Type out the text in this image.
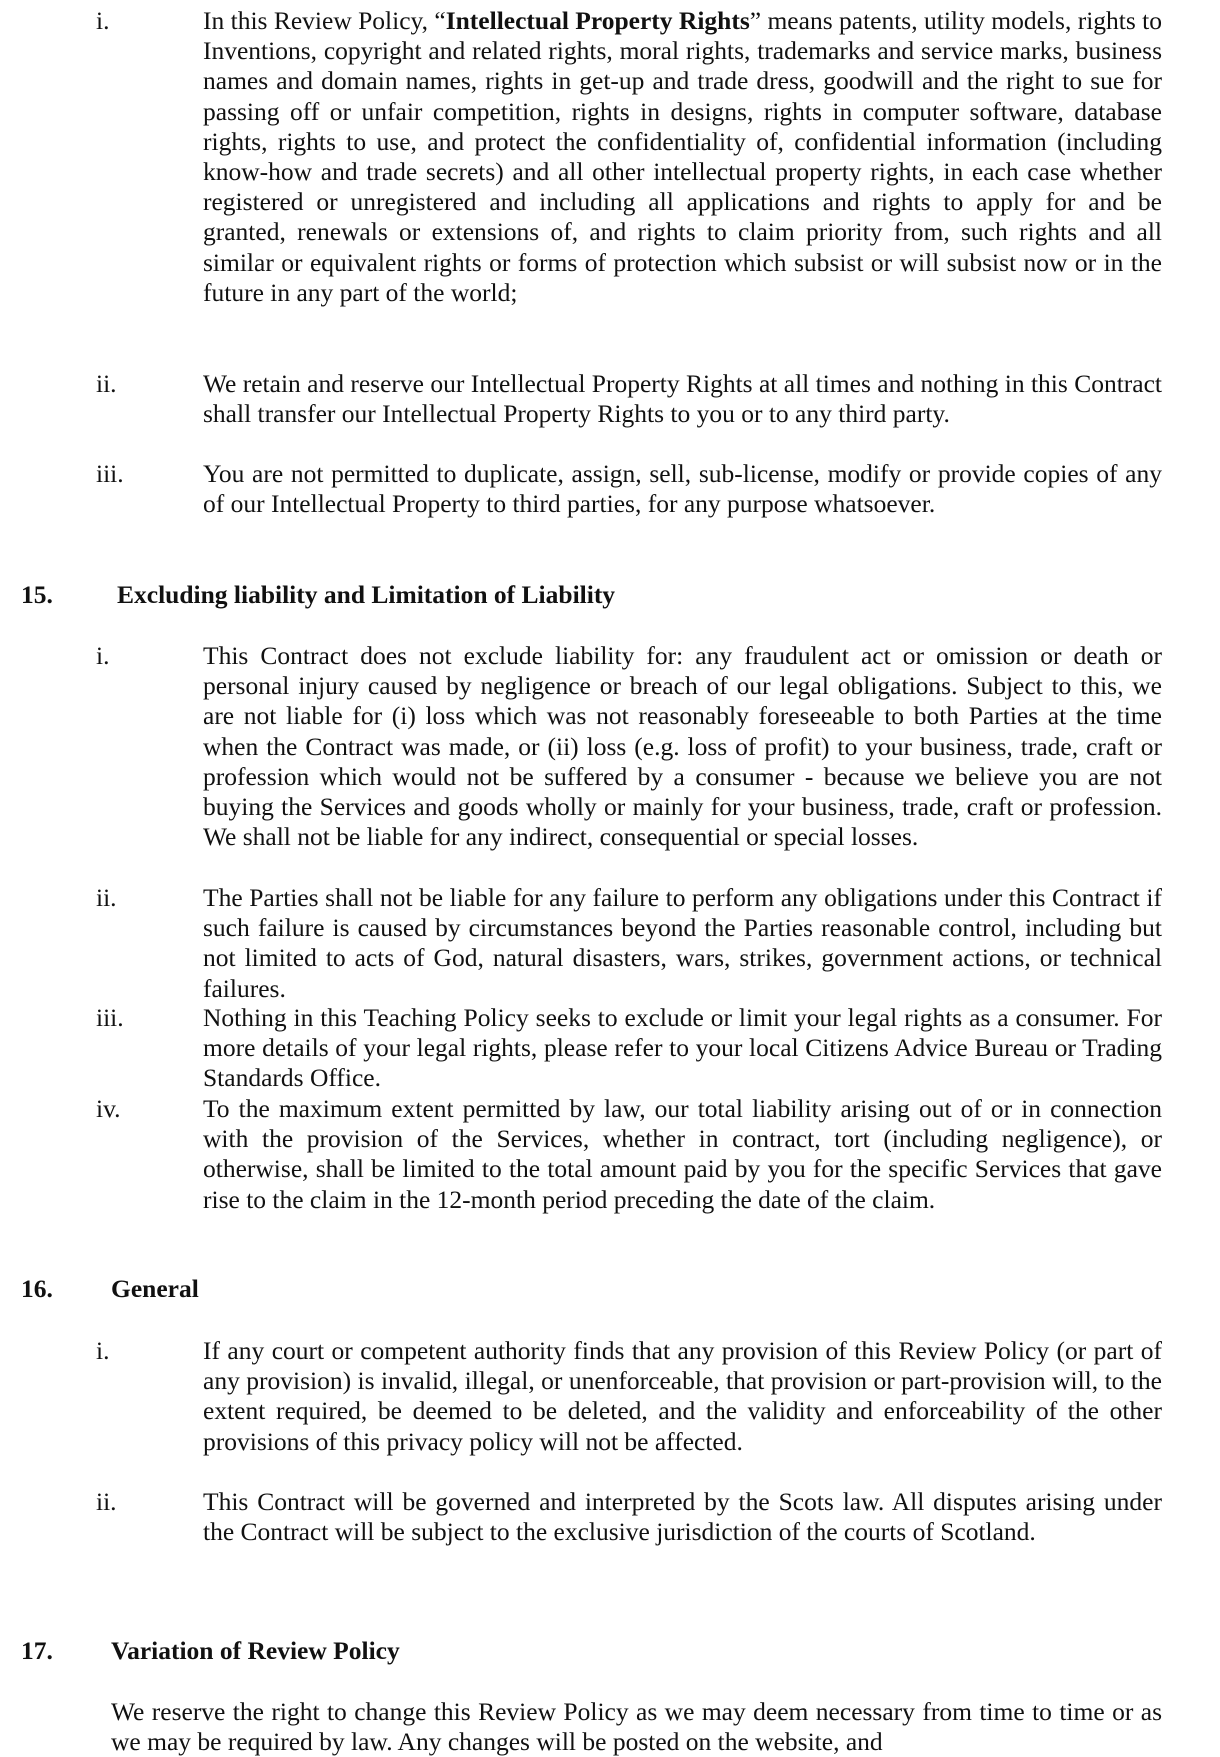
i.	In this Review Policy, “Intellectual Property Rights” means patents, utility models, rights to Inventions, copyright and related rights, moral rights, trademarks and service marks, business names and domain names, rights in get-up and trade dress, goodwill and the right to sue for passing off or unfair competition, rights in designs, rights in computer software, database rights, rights to use, and protect the confidentiality of, confidential information (including know-how and trade secrets) and all other intellectual property rights, in each case whether registered or unregistered and including all applications and rights to apply for and be granted, renewals or extensions of, and rights to claim priority from, such rights and all similar or equivalent rights or forms of protection which subsist or will subsist now or in the future in any part of the world;
ii.	We retain and reserve our Intellectual Property Rights at all times and nothing in this Contract shall transfer our Intellectual Property Rights to you or to any third party.
iii.	You are not permitted to duplicate, assign, sell, sub-license, modify or provide copies of any of our Intellectual Property to third parties, for any purpose whatsoever.
15.	Excluding liability and Limitation of Liability
i.	This Contract does not exclude liability for: any fraudulent act or omission or death or personal injury caused by negligence or breach of our legal obligations. Subject to this, we are not liable for (i) loss which was not reasonably foreseeable to both Parties at the time when the Contract was made, or (ii) loss (e.g. loss of profit) to your business, trade, craft or profession which would not be suffered by a consumer - because we believe you are not buying the Services and goods wholly or mainly for your business, trade, craft or profession. We shall not be liable for any indirect, consequential or special losses.
ii.	The Parties shall not be liable for any failure to perform any obligations under this Contract if such failure is caused by circumstances beyond the Parties reasonable control, including but not limited to acts of God, natural disasters, wars, strikes, government actions, or technical failures.
iii.	Nothing in this Teaching Policy seeks to exclude or limit your legal rights as a consumer. For more details of your legal rights, please refer to your local Citizens Advice Bureau or Trading Standards Office.
iv.	To the maximum extent permitted by law, our total liability arising out of or in connection with the provision of the Services, whether in contract, tort (including negligence), or otherwise, shall be limited to the total amount paid by you for the specific Services that gave rise to the claim in the 12-month period preceding the date of the claim.
16. General
i.	If any court or competent authority finds that any provision of this Review Policy (or part of any provision) is invalid, illegal, or unenforceable, that provision or part-provision will, to the extent required, be deemed to be deleted, and the validity and enforceability of the other provisions of this privacy policy will not be affected.
ii.	This Contract will be governed and interpreted by the Scots law. All disputes arising under the Contract will be subject to the exclusive jurisdiction of the courts of Scotland.
17. Variation of Review Policy
We reserve the right to change this Review Policy as we may deem necessary from time to time or as we may be required by law. Any changes will be posted on the website, and
